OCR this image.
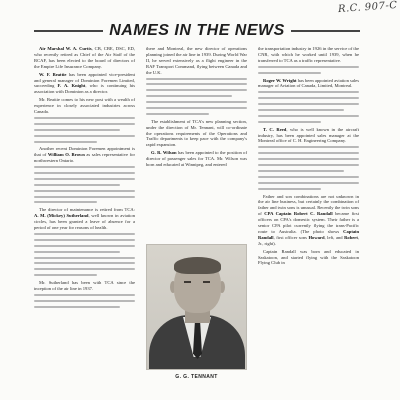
R.C. 907-C
NAMES IN THE NEWS

Air Marshal W. A. Curtis, CB, CBE, DSC, ED, who recently retired as Chief of the Air Staff of the RCAF, has been elected to the board of directors of the Empire Life Insurance Company.

W. F. Beattie has been appointed vice-president and general manager of Dominion Foremen Limited, succeeding F. A. Knight, who is continuing his association with Dominion as a director.

Mr. Beattie comes to his new post with a wealth of experience in closely associated industries across Canada.

Another recent Dominion Foremen appointment is that of William O. Brown as sales representative for northwestern Ontario.

The director of maintenance is retired from TCA: A. M. (Mickey) Sutherland, well known in aviation circles, has been granted a leave of absence for a period of one year for reasons of health.

Mr. Sutherland has been with TCA since the inception of the air line in 1937.

there and Montreal, the new director of operations planning joined the air line in 1939. During World War II, he served extensively as a flight engineer in the RAF Transport Command, flying between Canada and the U.K.

The establishment of TCA's new planning section, under the direction of Mr. Tennant, will co-ordinate the operations requirements of the Operations and Traffic departments to keep pace with the company's rapid expansion.

G. R. Wilson has been appointed to the position of director of passenger sales for TCA. Mr. Wilson was born and educated at Winnipeg, and entered

G. G. TENNANT

the transportation industry in 1926 in the service of the CNR, with which he worked until 1939, when he transferred to TCA as a traffic representative.

Roger W. Wright has been appointed aviation sales manager of Aviation of Canada, Limited, Montreal.

T. C. Reed, who is well known in the aircraft industry, has been appointed sales manager at the Montreal office of C. H. Engineering Company.

Father and son combinations are not unknown in the air line business, but certainly the combination of father and twin sons is unusual. Recently the twin sons of CPA Captain Robert C. Randall became first officers on CPA's domestic system. Their father is a senior CPA pilot currently flying the trans-Pacific route to Australia. (The photo shows Captain Randall, first officer sons Howard, left, and Robert, Jr., right).

Captain Randall was born and educated in Saskatoon, and started flying with the Saskatoon Flying Club in
